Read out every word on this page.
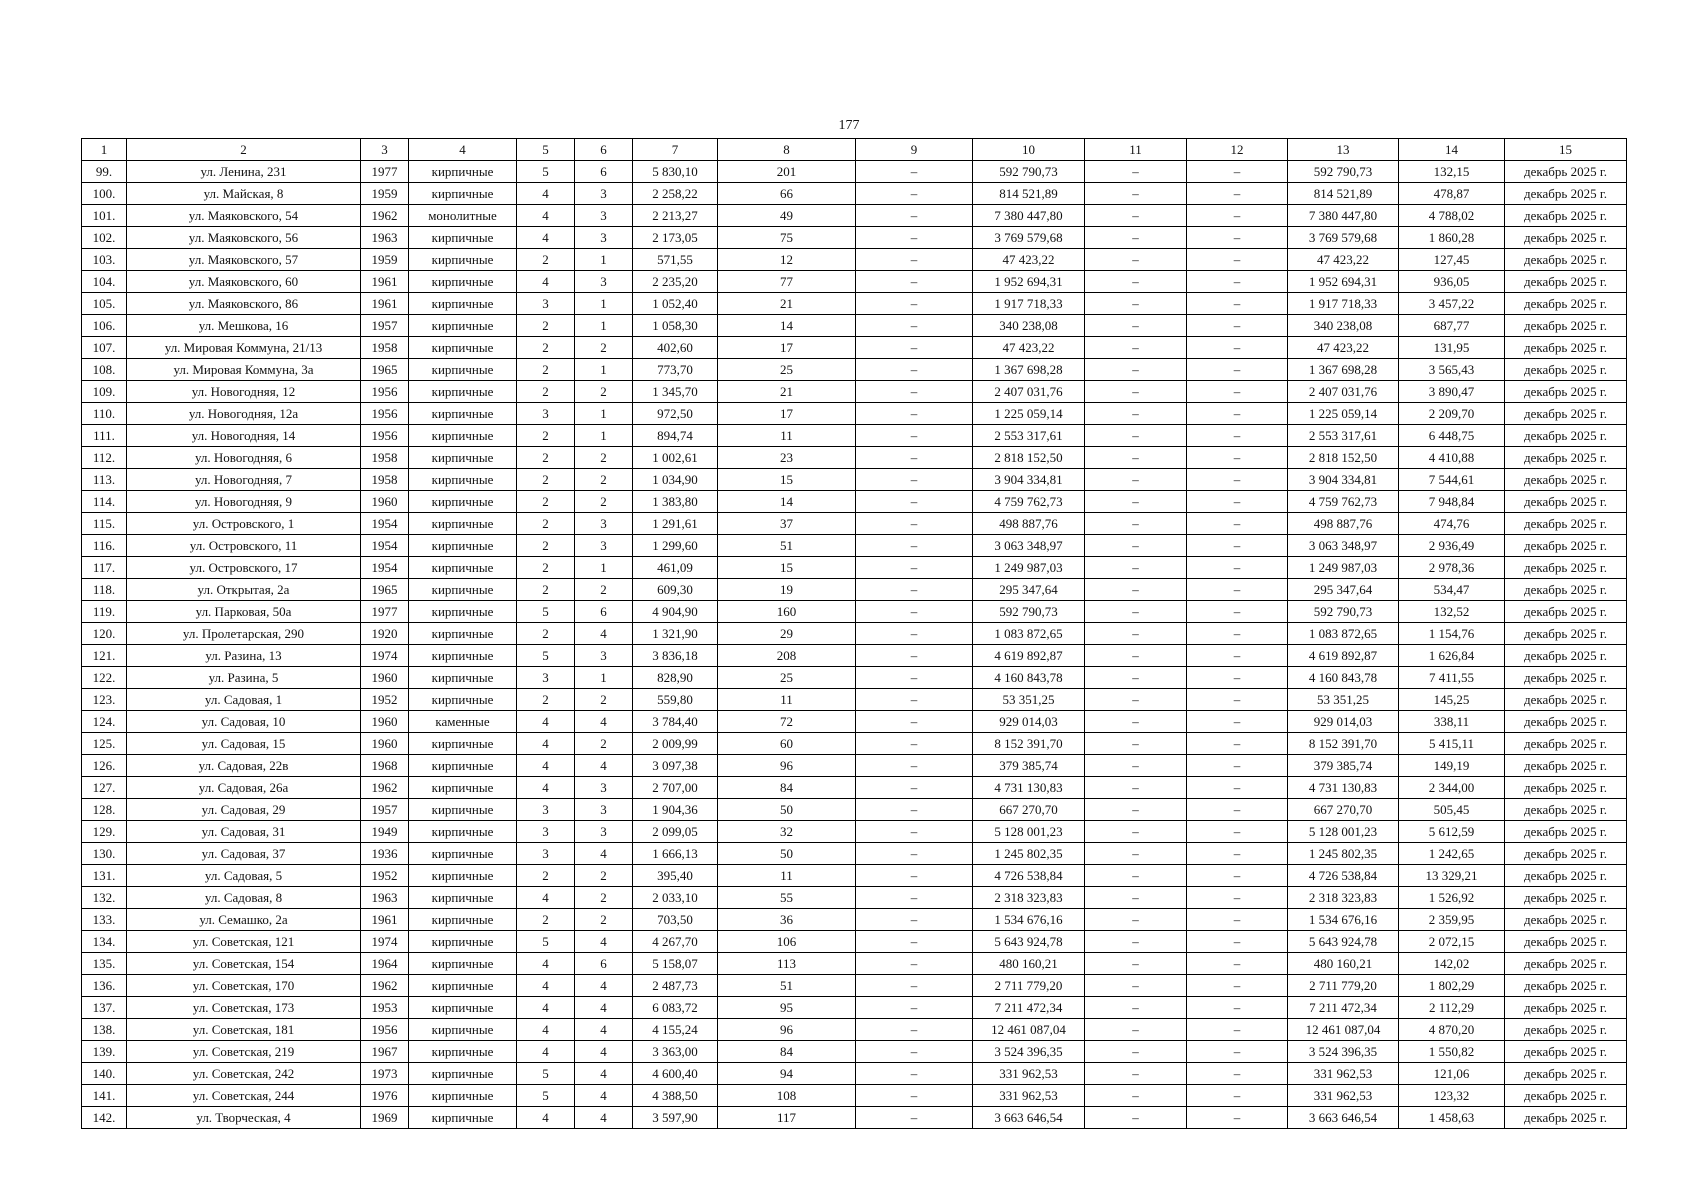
177
1	2	3	4	5	6	7	8	9	10	11	12	13	14	15
99.	ул. Ленина, 231	1977	кирпичные	5	6	5 830,10	201	–	592 790,73	–	–	592 790,73	132,15	декабрь 2025 г.
100.	ул. Майская, 8	1959	кирпичные	4	3	2 258,22	66	–	814 521,89	–	–	814 521,89	478,87	декабрь 2025 г.
101.	ул. Маяковского, 54	1962	монолитные	4	3	2 213,27	49	–	7 380 447,80	–	–	7 380 447,80	4 788,02	декабрь 2025 г.
102.	ул. Маяковского, 56	1963	кирпичные	4	3	2 173,05	75	–	3 769 579,68	–	–	3 769 579,68	1 860,28	декабрь 2025 г.
103.	ул. Маяковского, 57	1959	кирпичные	2	1	571,55	12	–	47 423,22	–	–	47 423,22	127,45	декабрь 2025 г.
104.	ул. Маяковского, 60	1961	кирпичные	4	3	2 235,20	77	–	1 952 694,31	–	–	1 952 694,31	936,05	декабрь 2025 г.
105.	ул. Маяковского, 86	1961	кирпичные	3	1	1 052,40	21	–	1 917 718,33	–	–	1 917 718,33	3 457,22	декабрь 2025 г.
106.	ул. Мешкова, 16	1957	кирпичные	2	1	1 058,30	14	–	340 238,08	–	–	340 238,08	687,77	декабрь 2025 г.
107.	ул. Мировая Коммуна, 21/13	1958	кирпичные	2	2	402,60	17	–	47 423,22	–	–	47 423,22	131,95	декабрь 2025 г.
108.	ул. Мировая Коммуна, 3а	1965	кирпичные	2	1	773,70	25	–	1 367 698,28	–	–	1 367 698,28	3 565,43	декабрь 2025 г.
109.	ул. Новогодняя, 12	1956	кирпичные	2	2	1 345,70	21	–	2 407 031,76	–	–	2 407 031,76	3 890,47	декабрь 2025 г.
110.	ул. Новогодняя, 12а	1956	кирпичные	3	1	972,50	17	–	1 225 059,14	–	–	1 225 059,14	2 209,70	декабрь 2025 г.
111.	ул. Новогодняя, 14	1956	кирпичные	2	1	894,74	11	–	2 553 317,61	–	–	2 553 317,61	6 448,75	декабрь 2025 г.
112.	ул. Новогодняя, 6	1958	кирпичные	2	2	1 002,61	23	–	2 818 152,50	–	–	2 818 152,50	4 410,88	декабрь 2025 г.
113.	ул. Новогодняя, 7	1958	кирпичные	2	2	1 034,90	15	–	3 904 334,81	–	–	3 904 334,81	7 544,61	декабрь 2025 г.
114.	ул. Новогодняя, 9	1960	кирпичные	2	2	1 383,80	14	–	4 759 762,73	–	–	4 759 762,73	7 948,84	декабрь 2025 г.
115.	ул. Островского, 1	1954	кирпичные	2	3	1 291,61	37	–	498 887,76	–	–	498 887,76	474,76	декабрь 2025 г.
116.	ул. Островского, 11	1954	кирпичные	2	3	1 299,60	51	–	3 063 348,97	–	–	3 063 348,97	2 936,49	декабрь 2025 г.
117.	ул. Островского, 17	1954	кирпичные	2	1	461,09	15	–	1 249 987,03	–	–	1 249 987,03	2 978,36	декабрь 2025 г.
118.	ул. Открытая, 2а	1965	кирпичные	2	2	609,30	19	–	295 347,64	–	–	295 347,64	534,47	декабрь 2025 г.
119.	ул. Парковая, 50а	1977	кирпичные	5	6	4 904,90	160	–	592 790,73	–	–	592 790,73	132,52	декабрь 2025 г.
120.	ул. Пролетарская, 290	1920	кирпичные	2	4	1 321,90	29	–	1 083 872,65	–	–	1 083 872,65	1 154,76	декабрь 2025 г.
121.	ул. Разина, 13	1974	кирпичные	5	3	3 836,18	208	–	4 619 892,87	–	–	4 619 892,87	1 626,84	декабрь 2025 г.
122.	ул. Разина, 5	1960	кирпичные	3	1	828,90	25	–	4 160 843,78	–	–	4 160 843,78	7 411,55	декабрь 2025 г.
123.	ул. Садовая, 1	1952	кирпичные	2	2	559,80	11	–	53 351,25	–	–	53 351,25	145,25	декабрь 2025 г.
124.	ул. Садовая, 10	1960	каменные	4	4	3 784,40	72	–	929 014,03	–	–	929 014,03	338,11	декабрь 2025 г.
125.	ул. Садовая, 15	1960	кирпичные	4	2	2 009,99	60	–	8 152 391,70	–	–	8 152 391,70	5 415,11	декабрь 2025 г.
126.	ул. Садовая, 22в	1968	кирпичные	4	4	3 097,38	96	–	379 385,74	–	–	379 385,74	149,19	декабрь 2025 г.
127.	ул. Садовая, 26а	1962	кирпичные	4	3	2 707,00	84	–	4 731 130,83	–	–	4 731 130,83	2 344,00	декабрь 2025 г.
128.	ул. Садовая, 29	1957	кирпичные	3	3	1 904,36	50	–	667 270,70	–	–	667 270,70	505,45	декабрь 2025 г.
129.	ул. Садовая, 31	1949	кирпичные	3	3	2 099,05	32	–	5 128 001,23	–	–	5 128 001,23	5 612,59	декабрь 2025 г.
130.	ул. Садовая, 37	1936	кирпичные	3	4	1 666,13	50	–	1 245 802,35	–	–	1 245 802,35	1 242,65	декабрь 2025 г.
131.	ул. Садовая, 5	1952	кирпичные	2	2	395,40	11	–	4 726 538,84	–	–	4 726 538,84	13 329,21	декабрь 2025 г.
132.	ул. Садовая, 8	1963	кирпичные	4	2	2 033,10	55	–	2 318 323,83	–	–	2 318 323,83	1 526,92	декабрь 2025 г.
133.	ул. Семашко, 2а	1961	кирпичные	2	2	703,50	36	–	1 534 676,16	–	–	1 534 676,16	2 359,95	декабрь 2025 г.
134.	ул. Советская, 121	1974	кирпичные	5	4	4 267,70	106	–	5 643 924,78	–	–	5 643 924,78	2 072,15	декабрь 2025 г.
135.	ул. Советская, 154	1964	кирпичные	4	6	5 158,07	113	–	480 160,21	–	–	480 160,21	142,02	декабрь 2025 г.
136.	ул. Советская, 170	1962	кирпичные	4	4	2 487,73	51	–	2 711 779,20	–	–	2 711 779,20	1 802,29	декабрь 2025 г.
137.	ул. Советская, 173	1953	кирпичные	4	4	6 083,72	95	–	7 211 472,34	–	–	7 211 472,34	2 112,29	декабрь 2025 г.
138.	ул. Советская, 181	1956	кирпичные	4	4	4 155,24	96	–	12 461 087,04	–	–	12 461 087,04	4 870,20	декабрь 2025 г.
139.	ул. Советская, 219	1967	кирпичные	4	4	3 363,00	84	–	3 524 396,35	–	–	3 524 396,35	1 550,82	декабрь 2025 г.
140.	ул. Советская, 242	1973	кирпичные	5	4	4 600,40	94	–	331 962,53	–	–	331 962,53	121,06	декабрь 2025 г.
141.	ул. Советская, 244	1976	кирпичные	5	4	4 388,50	108	–	331 962,53	–	–	331 962,53	123,32	декабрь 2025 г.
142.	ул. Творческая, 4	1969	кирпичные	4	4	3 597,90	117	–	3 663 646,54	–	–	3 663 646,54	1 458,63	декабрь 2025 г.
